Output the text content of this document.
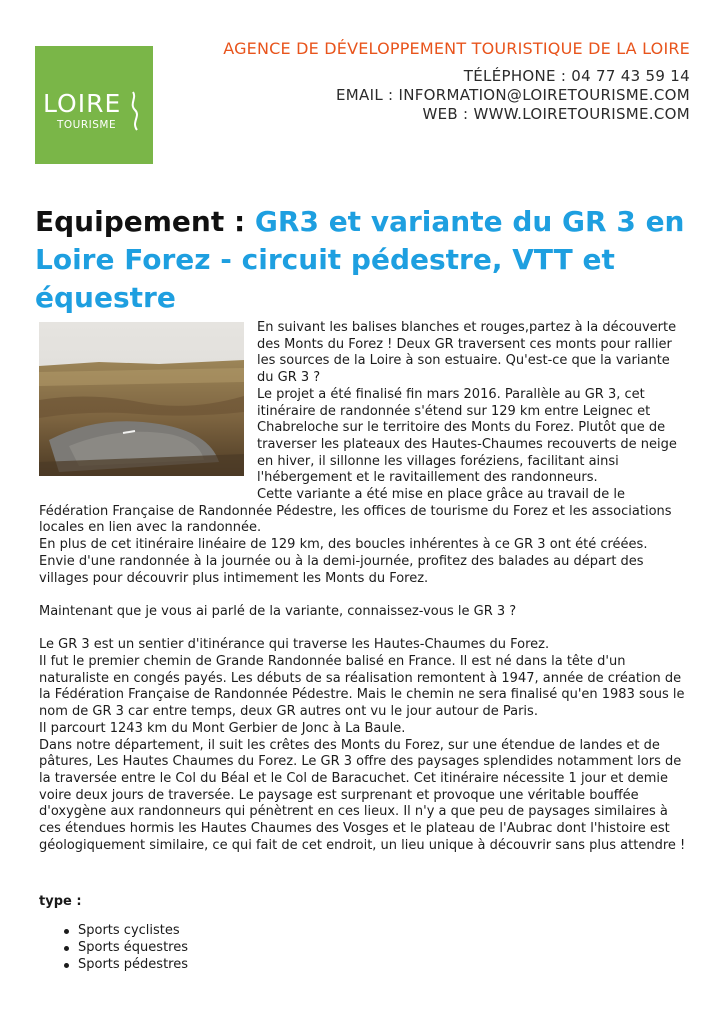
LOIRE
TOURISME
AGENCE DE DÉVELOPPEMENT TOURISTIQUE DE LA LOIRE
TÉLÉPHONE : 04 77 43 59 14
EMAIL : INFORMATION@LOIRETOURISME.COM
WEB : WWW.LOIRETOURISME.COM
Equipement : GR3 et variante du GR 3 en Loire Forez - circuit pédestre, VTT et équestre

En suivant les balises blanches et rouges,partez à la découverte des Monts du Forez ! Deux GR traversent ces monts pour rallier les sources de la Loire à son estuaire. Qu'est-ce que la variante du GR 3 ?

Le projet a été finalisé fin mars 2016. Parallèle au GR 3, cet itinéraire de randonnée s'étend sur 129 km entre Leignec et Chabreloche sur le territoire des Monts du Forez. Plutôt que de traverser les plateaux des Hautes-Chaumes recouverts de neige en hiver, il sillonne les villages foréziens, facilitant ainsi l'hébergement et le ravitaillement des randonneurs.

Cette variante a été mise en place grâce au travail de le Fédération Française de Randonnée Pédestre, les offices de tourisme du Forez et les associations locales en lien avec la randonnée.

En plus de cet itinéraire linéaire de 129 km, des boucles inhérentes à ce GR 3 ont été créées.

Envie d'une randonnée à la journée ou à la demi-journée, profitez des balades au départ des villages pour découvrir plus intimement les Monts du Forez.

Maintenant que je vous ai parlé de la variante, connaissez-vous le GR 3 ?

Le GR 3 est un sentier d'itinérance qui traverse les Hautes-Chaumes du Forez.

Il fut le premier chemin de Grande Randonnée balisé en France. Il est né dans la tête d'un naturaliste en congés payés. Les débuts de sa réalisation remontent à 1947, année de création de la Fédération Française de Randonnée Pédestre. Mais le chemin ne sera finalisé qu'en 1983 sous le nom de GR 3 car entre temps, deux GR autres ont vu le jour autour de Paris.

Il parcourt 1243 km du Mont Gerbier de Jonc à La Baule.

Dans notre département, il suit les crêtes des Monts du Forez, sur une étendue de landes et de pâtures, Les Hautes Chaumes du Forez. Le GR 3 offre des paysages splendides notamment lors de la traversée entre le Col du Béal et le Col de Baracuchet. Cet itinéraire nécessite 1 jour et demie voire deux jours de traversée. Le paysage est surprenant et provoque une véritable bouffée d'oxygène aux randonneurs qui pénètrent en ces lieux. Il n'y a que peu de paysages similaires à ces étendues hormis les Hautes Chaumes des Vosges et le plateau de l'Aubrac dont l'histoire est géologiquement similaire, ce qui fait de cet endroit, un lieu unique à découvrir sans plus attendre !

type :
Sports cyclistes
Sports équestres
Sports pédestres
